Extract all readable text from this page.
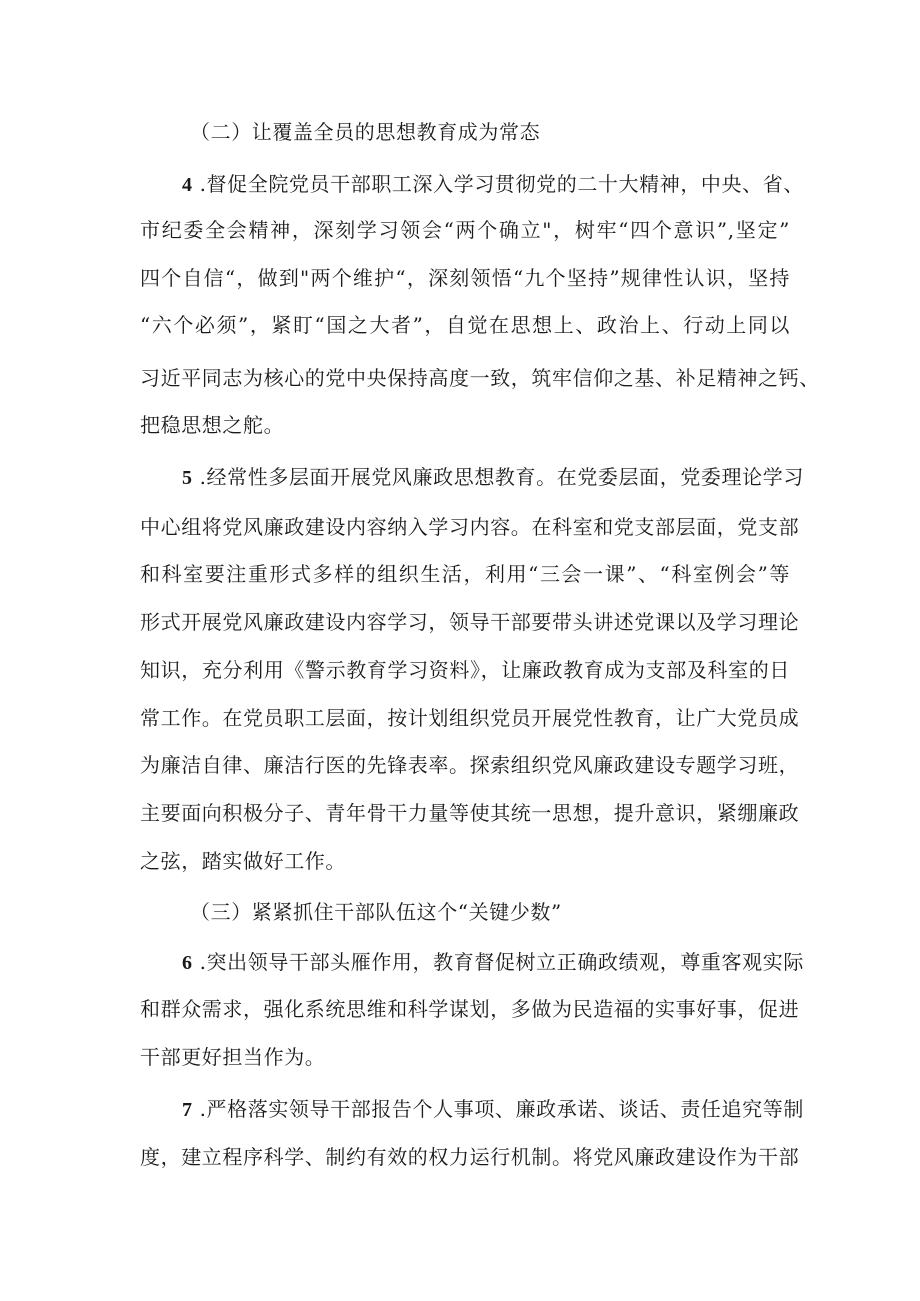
（二）让覆盖全员的思想教育成为常态
4 .督促全院党员干部职工深入学习贯彻党的二十大精神，中央、省、
市纪委全会精神，深刻学习领会“两个确立"，树牢“四个意识”,坚定”
四个自信“，做到"两个维护“，深刻领悟“九个坚持”规律性认识，坚持
“六个必须”，紧盯“国之大者”，自觉在思想上、政治上、行动上同以
习近平同志为核心的党中央保持高度一致，筑牢信仰之基、补足精神之钙、
把稳思想之舵。
5 .经常性多层面开展党风廉政思想教育。在党委层面，党委理论学习
中心组将党风廉政建设内容纳入学习内容。在科室和党支部层面，党支部
和科室要注重形式多样的组织生活，利用“三会一课”、“科室例会”等
形式开展党风廉政建设内容学习，领导干部要带头讲述党课以及学习理论
知识，充分利用《警示教育学习资料》，让廉政教育成为支部及科室的日
常工作。在党员职工层面，按计划组织党员开展党性教育，让广大党员成
为廉洁自律、廉洁行医的先锋表率。探索组织党风廉政建设专题学习班，
主要面向积极分子、青年骨干力量等使其统一思想，提升意识，紧绷廉政
之弦，踏实做好工作。
（三）紧紧抓住干部队伍这个“关键少数”
6 .突出领导干部头雁作用，教育督促树立正确政绩观，尊重客观实际
和群众需求，强化系统思维和科学谋划，多做为民造福的实事好事，促进
干部更好担当作为。
7 .严格落实领导干部报告个人事项、廉政承诺、谈话、责任追究等制
度，建立程序科学、制约有效的权力运行机制。将党风廉政建设作为干部
